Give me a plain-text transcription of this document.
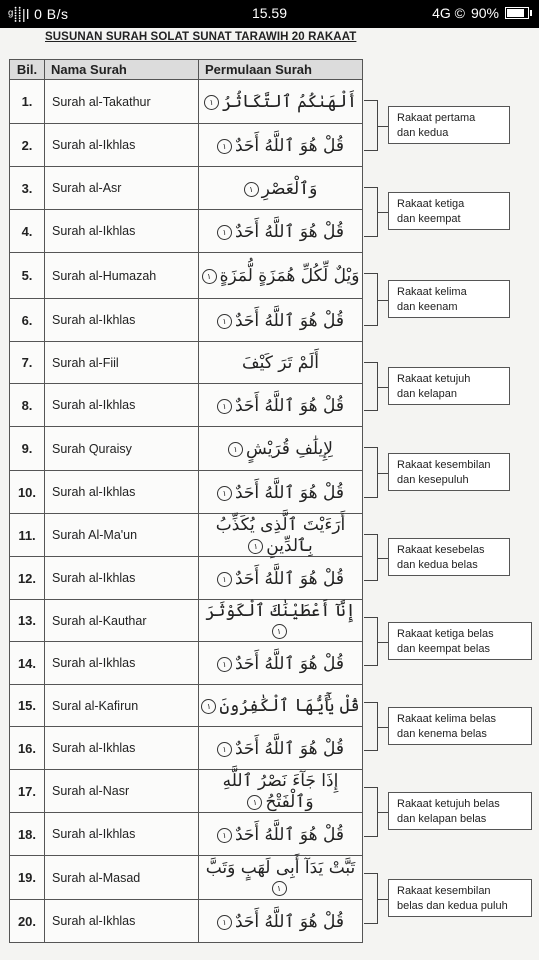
ᵍ⸽⸽|l 0 B/s	15.59	4G © 90%
SUSUNAN SURAH SOLAT SUNAT TARAWIH 20 RAKAAT
Bil.	Nama Surah	Permulaan Surah
1.	Surah al-Takathur	أَلْهَىٰكُمُ ٱلتَّكَاثُرُ١
2.	Surah al-Ikhlas	قُلْ هُوَ ٱللَّهُ أَحَدٌ١
3.	Surah al-Asr	وَٱلْعَصْرِ١
4.	Surah al-Ikhlas	قُلْ هُوَ ٱللَّهُ أَحَدٌ١
5.	Surah al-Humazah	وَيْلٌ لِّكُلِّ هُمَزَةٍ لُّمَزَةٍ١
6.	Surah al-Ikhlas	قُلْ هُوَ ٱللَّهُ أَحَدٌ١
7.	Surah al-Fiil	أَلَمْ تَرَ كَيْفَ
8.	Surah al-Ikhlas	قُلْ هُوَ ٱللَّهُ أَحَدٌ١
9.	Surah Quraisy	لِإِيلَٰفِ قُرَيْشٍ١
10.	Surah al-Ikhlas	قُلْ هُوَ ٱللَّهُ أَحَدٌ١
11.	Surah Al-Ma'un	أَرَءَيْتَ ٱلَّذِى يُكَذِّبُ بِٱلدِّينِ١
12.	Surah al-Ikhlas	قُلْ هُوَ ٱللَّهُ أَحَدٌ١
13.	Surah al-Kauthar	إِنَّآ أَعْطَيْنَٰكَ ٱلْكَوْثَرَ١
14.	Surah al-Ikhlas	قُلْ هُوَ ٱللَّهُ أَحَدٌ١
15.	Sural al-Kafirun	قُلْ يَٰٓأَيُّهَا ٱلْكَٰفِرُونَ١
16.	Surah al-Ikhlas	قُلْ هُوَ ٱللَّهُ أَحَدٌ١
17.	Surah al-Nasr	إِذَا جَآءَ نَصْرُ ٱللَّهِ وَٱلْفَتْحُ١
18.	Surah al-Ikhlas	قُلْ هُوَ ٱللَّهُ أَحَدٌ١
19.	Surah al-Masad	تَبَّتْ يَدَآ أَبِى لَهَبٍ وَتَبَّ١
20.	Surah al-Ikhlas	قُلْ هُوَ ٱللَّهُ أَحَدٌ١
Rakaat pertama
dan kedua
Rakaat ketiga
dan keempat
Rakaat kelima
dan keenam
Rakaat ketujuh
dan kelapan
Rakaat kesembilan
dan kesepuluh
Rakaat kesebelas
dan kedua belas
Rakaat ketiga belas
dan keempat belas
Rakaat kelima belas
dan kenema belas
Rakaat ketujuh belas
dan kelapan belas
Rakaat kesembilan
belas dan kedua puluh
